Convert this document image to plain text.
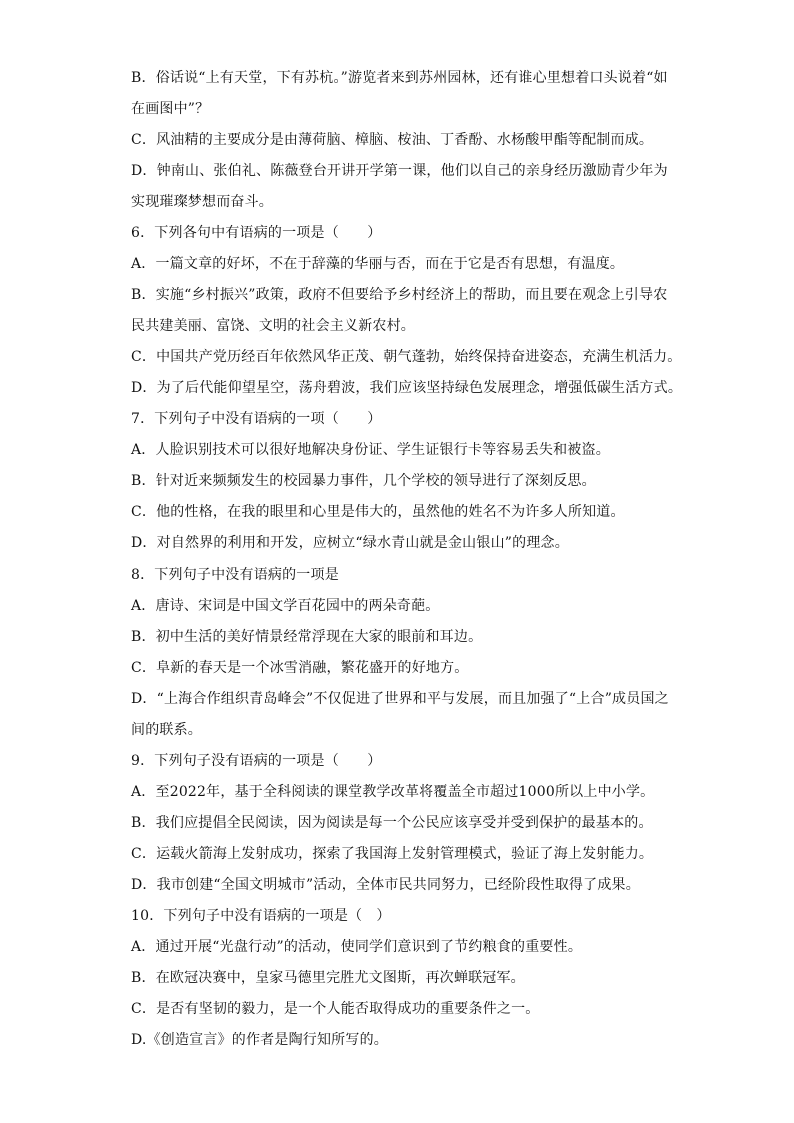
B．俗话说“上有天堂，下有苏杭。”游览者来到苏州园林，还有谁心里想着口头说着“如
在画图中”？
C．风油精的主要成分是由薄荷脑、樟脑、桉油、丁香酚、水杨酸甲酯等配制而成。
D．钟南山、张伯礼、陈薇登台开讲开学第一课，他们以自己的亲身经历激励青少年为
实现璀璨梦想而奋斗。
6．下列各句中有语病的一项是（　　）
A．一篇文章的好坏，不在于辞藻的华丽与否，而在于它是否有思想，有温度。
B．实施“乡村振兴”政策，政府不但要给予乡村经济上的帮助，而且要在观念上引导农
民共建美丽、富饶、文明的社会主义新农村。
C．中国共产党历经百年依然风华正茂、朝气蓬勃，始终保持奋进姿态，充满生机活力。
D．为了后代能仰望星空，荡舟碧波，我们应该坚持绿色发展理念，增强低碳生活方式。
7．下列句子中没有语病的一项（　　）
A．人脸识别技术可以很好地解决身份证、学生证银行卡等容易丢失和被盗。
B．针对近来频频发生的校园暴力事件，几个学校的领导进行了深刻反思。
C．他的性格，在我的眼里和心里是伟大的，虽然他的姓名不为许多人所知道。
D．对自然界的利用和开发，应树立“绿水青山就是金山银山”的理念。
8．下列句子中没有语病的一项是
A．唐诗、宋词是中国文学百花园中的两朵奇葩。
B．初中生活的美好情景经常浮现在大家的眼前和耳边。
C．阜新的春天是一个冰雪消融，繁花盛开的好地方。
D．“上海合作组织青岛峰会”不仅促进了世界和平与发展，而且加强了“上合”成员国之
间的联系。
9．下列句子没有语病的一项是（　　）
A．至2022年，基于全科阅读的课堂教学改革将覆盖全市超过1000所以上中小学。
B．我们应提倡全民阅读，因为阅读是每一个公民应该享受并受到保护的最基本的。
C．运载火箭海上发射成功，探索了我国海上发射管理模式，验证了海上发射能力。
D．我市创建“全国文明城市”活动，全体市民共同努力，已经阶段性取得了成果。
10．下列句子中没有语病的一项是（　）
A．通过开展“光盘行动”的活动，使同学们意识到了节约粮食的重要性。
B．在欧冠决赛中，皇家马德里完胜尤文图斯，再次蝉联冠军。
C．是否有坚韧的毅力，是一个人能否取得成功的重要条件之一。
D.《创造宣言》的作者是陶行知所写的。
